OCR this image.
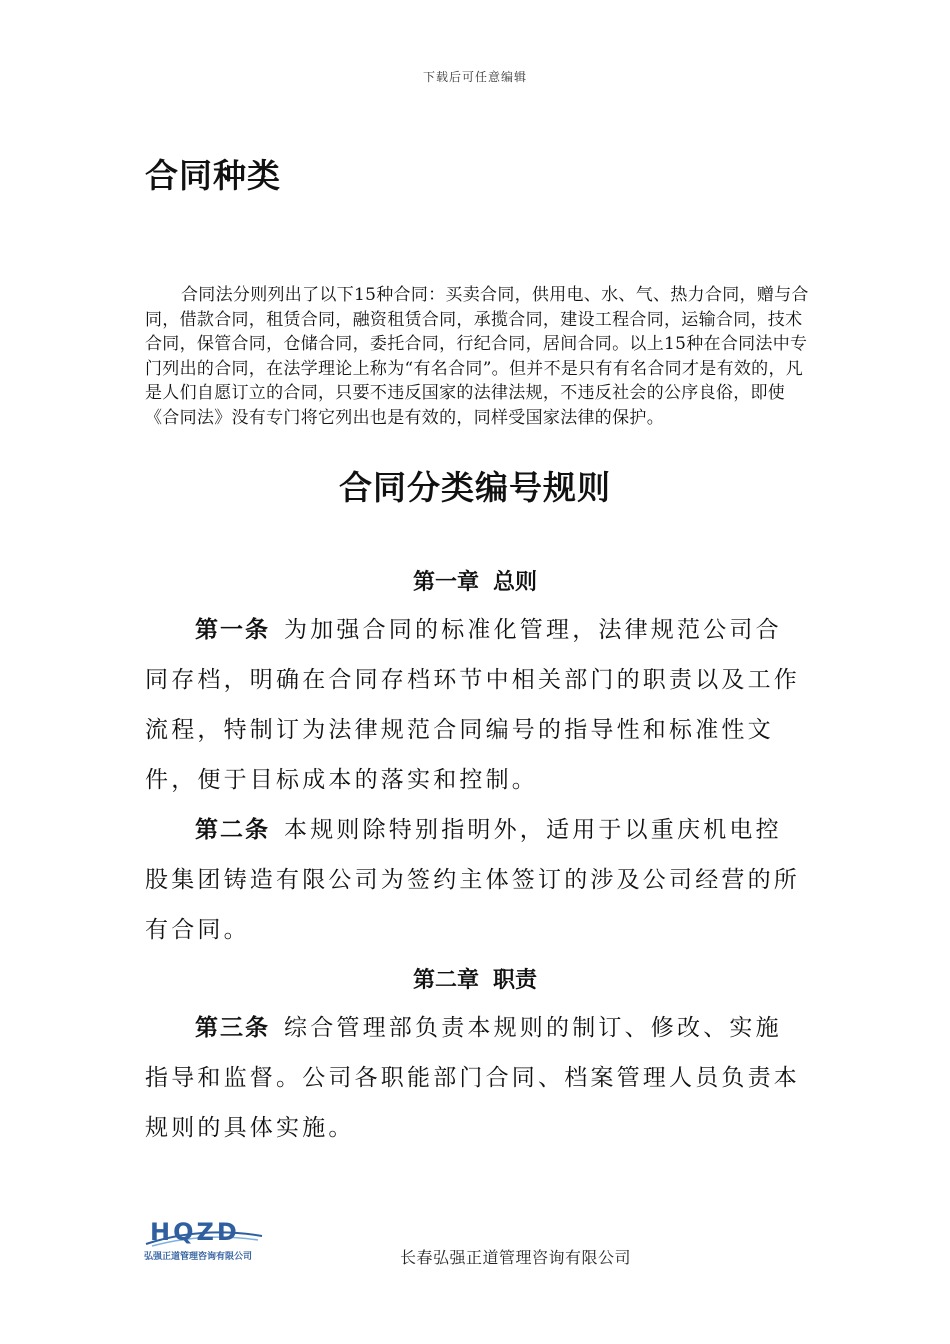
下载后可任意编辑
合同种类

合同法分则列出了以下15种合同：买卖合同，供用电、水、气、热力合同，赠与合同，借款合同，租赁合同，融资租赁合同，承揽合同，建设工程合同，运输合同，技术合同，保管合同，仓储合同，委托合同，行纪合同，居间合同。以上15种在合同法中专门列出的合同，在法学理论上称为“有名合同”。但并不是只有有名合同才是有效的，凡是人们自愿订立的合同，只要不违反国家的法律法规，不违反社会的公序良俗，即使《合同法》没有专门将它列出也是有效的，同样受国家法律的保护。

合同分类编号规则
第一章 总则

第一条 为加强合同的标准化管理，法律规范公司合同存档，明确在合同存档环节中相关部门的职责以及工作流程，特制订为法律规范合同编号的指导性和标准性文件，便于目标成本的落实和控制。

第二条 本规则除特别指明外，适用于以重庆机电控股集团铸造有限公司为签约主体签订的涉及公司经营的所有合同。

第二章 职责

第三条 综合管理部负责本规则的制订、修改、实施指导和监督。公司各职能部门合同、档案管理人员负责本规则的具体实施。

HQZD
弘强正道管理咨询有限公司	长春弘强正道管理咨询有限公司
